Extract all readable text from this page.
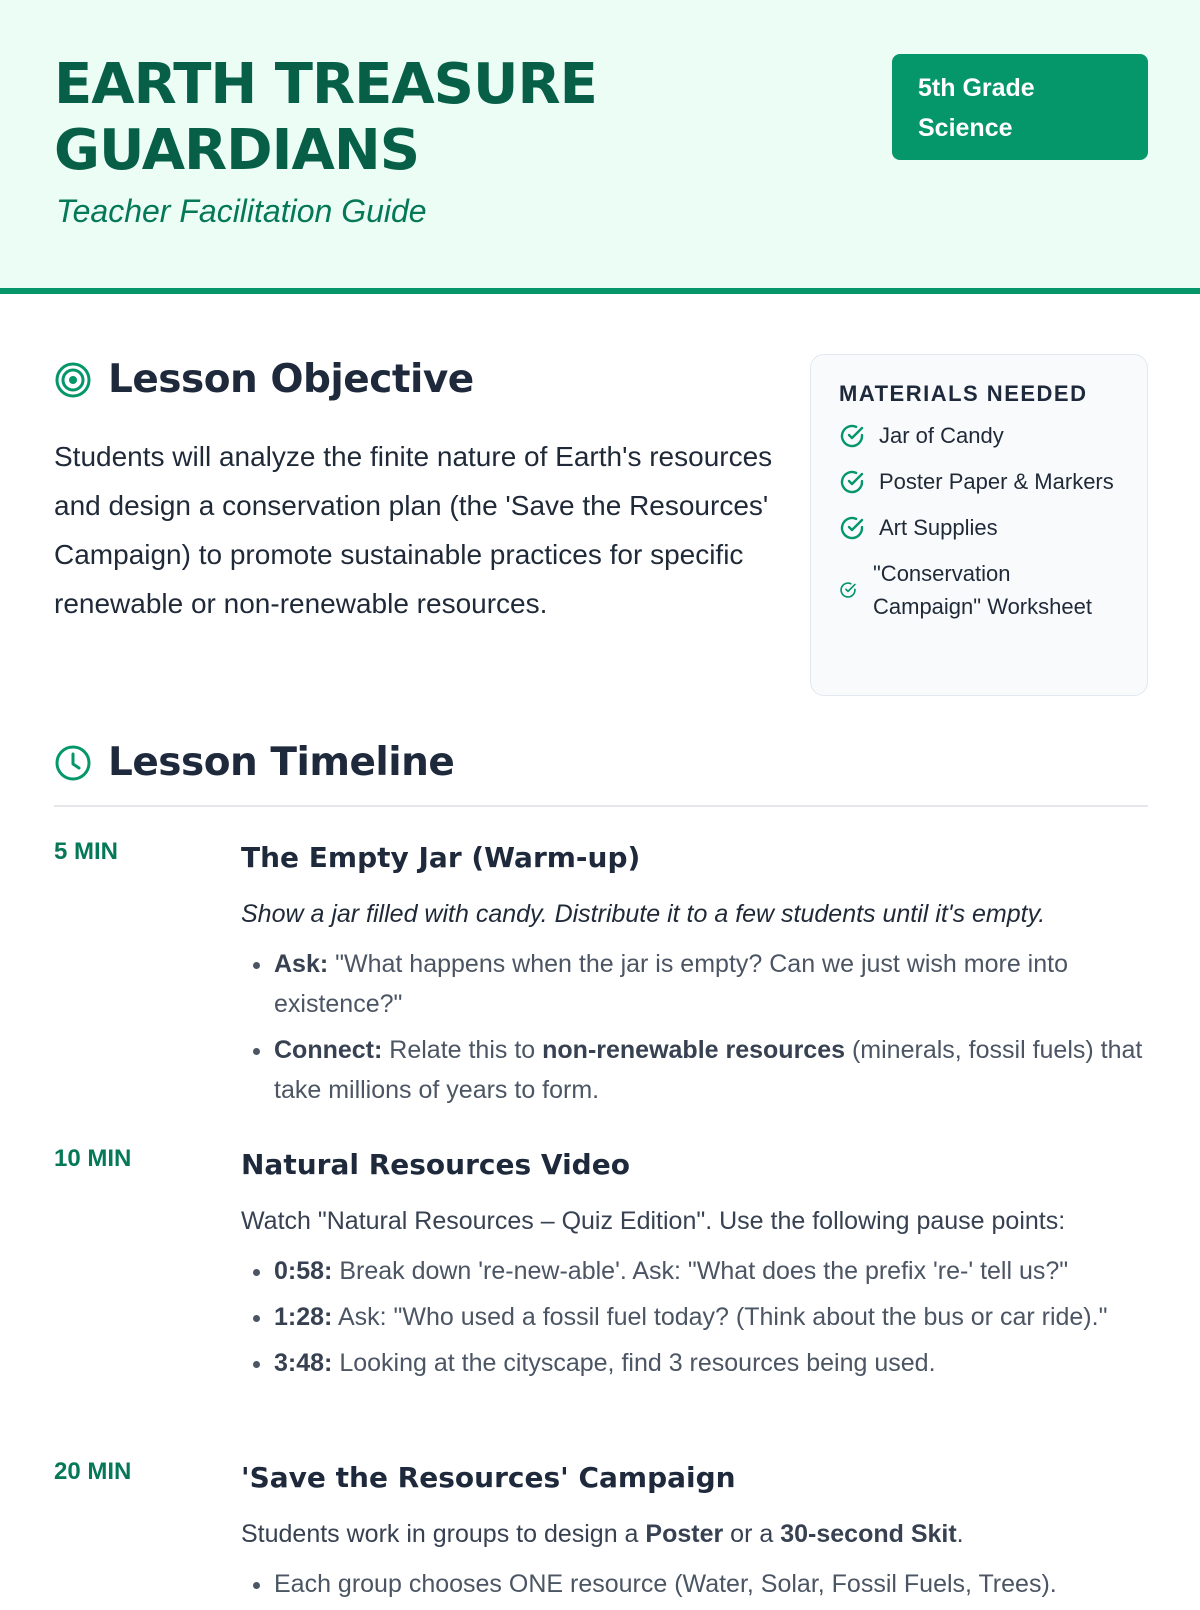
EARTH TREASURE GUARDIANS
Teacher Facilitation Guide
5th Grade Science
Lesson Objective

Students will analyze the finite nature of Earth's resources and design a conservation plan (the 'Save the Resources' Campaign) to promote sustainable practices for specific renewable or non-renewable resources.

MATERIALS NEEDED
Jar of Candy
Poster Paper & Markers
Art Supplies
"Conservation Campaign" Worksheet
Lesson Timeline
5 MIN	The Empty Jar (Warm-up)
Show a jar filled with candy. Distribute it to a few students until it's empty.
• Ask: "What happens when the jar is empty? Can we just wish more into existence?"
• Connect: Relate this to non-renewable resources (minerals, fossil fuels) that take millions of years to form.
10 MIN	Natural Resources Video
Watch "Natural Resources – Quiz Edition". Use the following pause points:
• 0:58: Break down 're-new-able'. Ask: "What does the prefix 're-' tell us?"
• 1:28: Ask: "Who used a fossil fuel today? (Think about the bus or car ride)."
• 3:48: Looking at the cityscape, find 3 resources being used.
20 MIN	'Save the Resources' Campaign
Students work in groups to design a Poster or a 30-second Skit.
• Each group chooses ONE resource (Water, Solar, Fossil Fuels, Trees).
